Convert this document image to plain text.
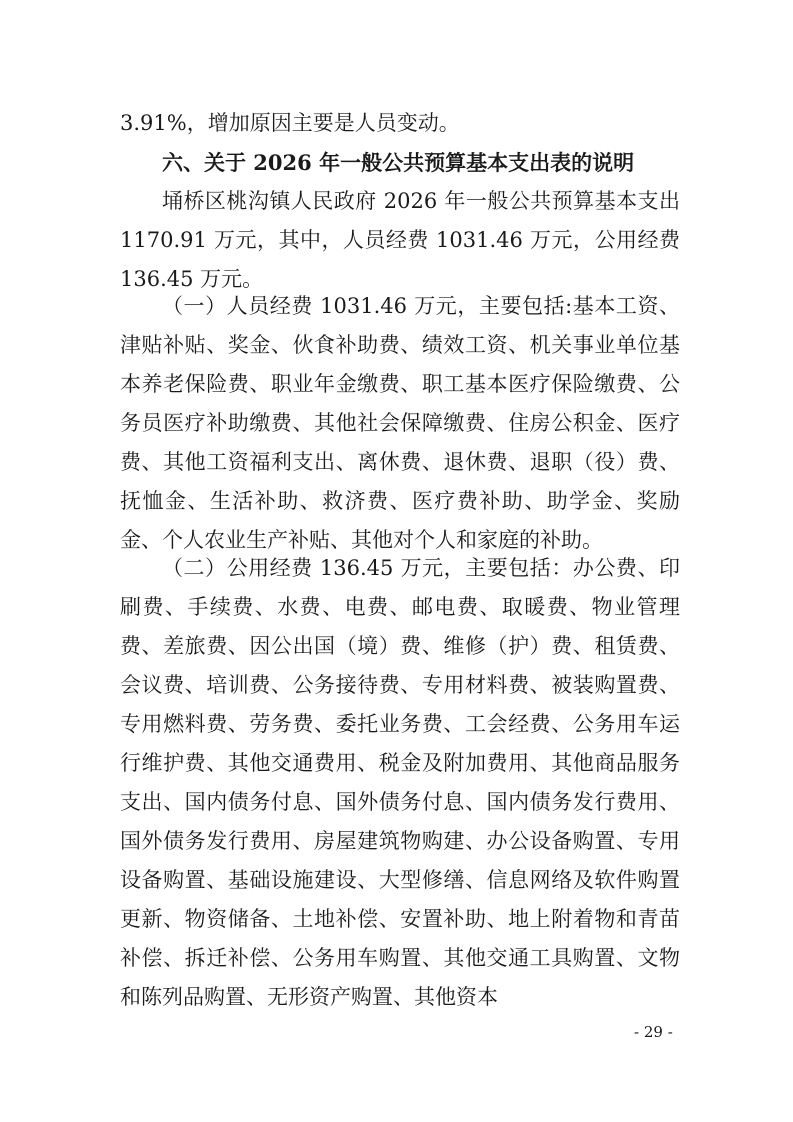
3.91%，增加原因主要是人员变动。
六、关于 2026 年一般公共预算基本支出表的说明
埇桥区桃沟镇人民政府 2026 年一般公共预算基本支出 1170.91 万元，其中，人员经费 1031.46 万元，公用经费 136.45 万元。
（一）人员经费 1031.46 万元，主要包括:基本工资、津贴补贴、奖金、伙食补助费、绩效工资、机关事业单位基本养老保险费、职业年金缴费、职工基本医疗保险缴费、公务员医疗补助缴费、其他社会保障缴费、住房公积金、医疗费、其他工资福利支出、离休费、退休费、退职（役）费、抚恤金、生活补助、救济费、医疗费补助、助学金、奖励金、个人农业生产补贴、其他对个人和家庭的补助。
（二）公用经费 136.45 万元，主要包括：办公费、印刷费、手续费、水费、电费、邮电费、取暖费、物业管理费、差旅费、因公出国（境）费、维修（护）费、租赁费、会议费、培训费、公务接待费、专用材料费、被装购置费、专用燃料费、劳务费、委托业务费、工会经费、公务用车运行维护费、其他交通费用、税金及附加费用、其他商品服务支出、国内债务付息、国外债务付息、国内债务发行费用、国外债务发行费用、房屋建筑物购建、办公设备购置、专用设备购置、基础设施建设、大型修缮、信息网络及软件购置更新、物资储备、土地补偿、安置补助、地上附着物和青苗补偿、拆迁补偿、公务用车购置、其他交通工具购置、文物和陈列品购置、无形资产购置、其他资本
- 29 -
